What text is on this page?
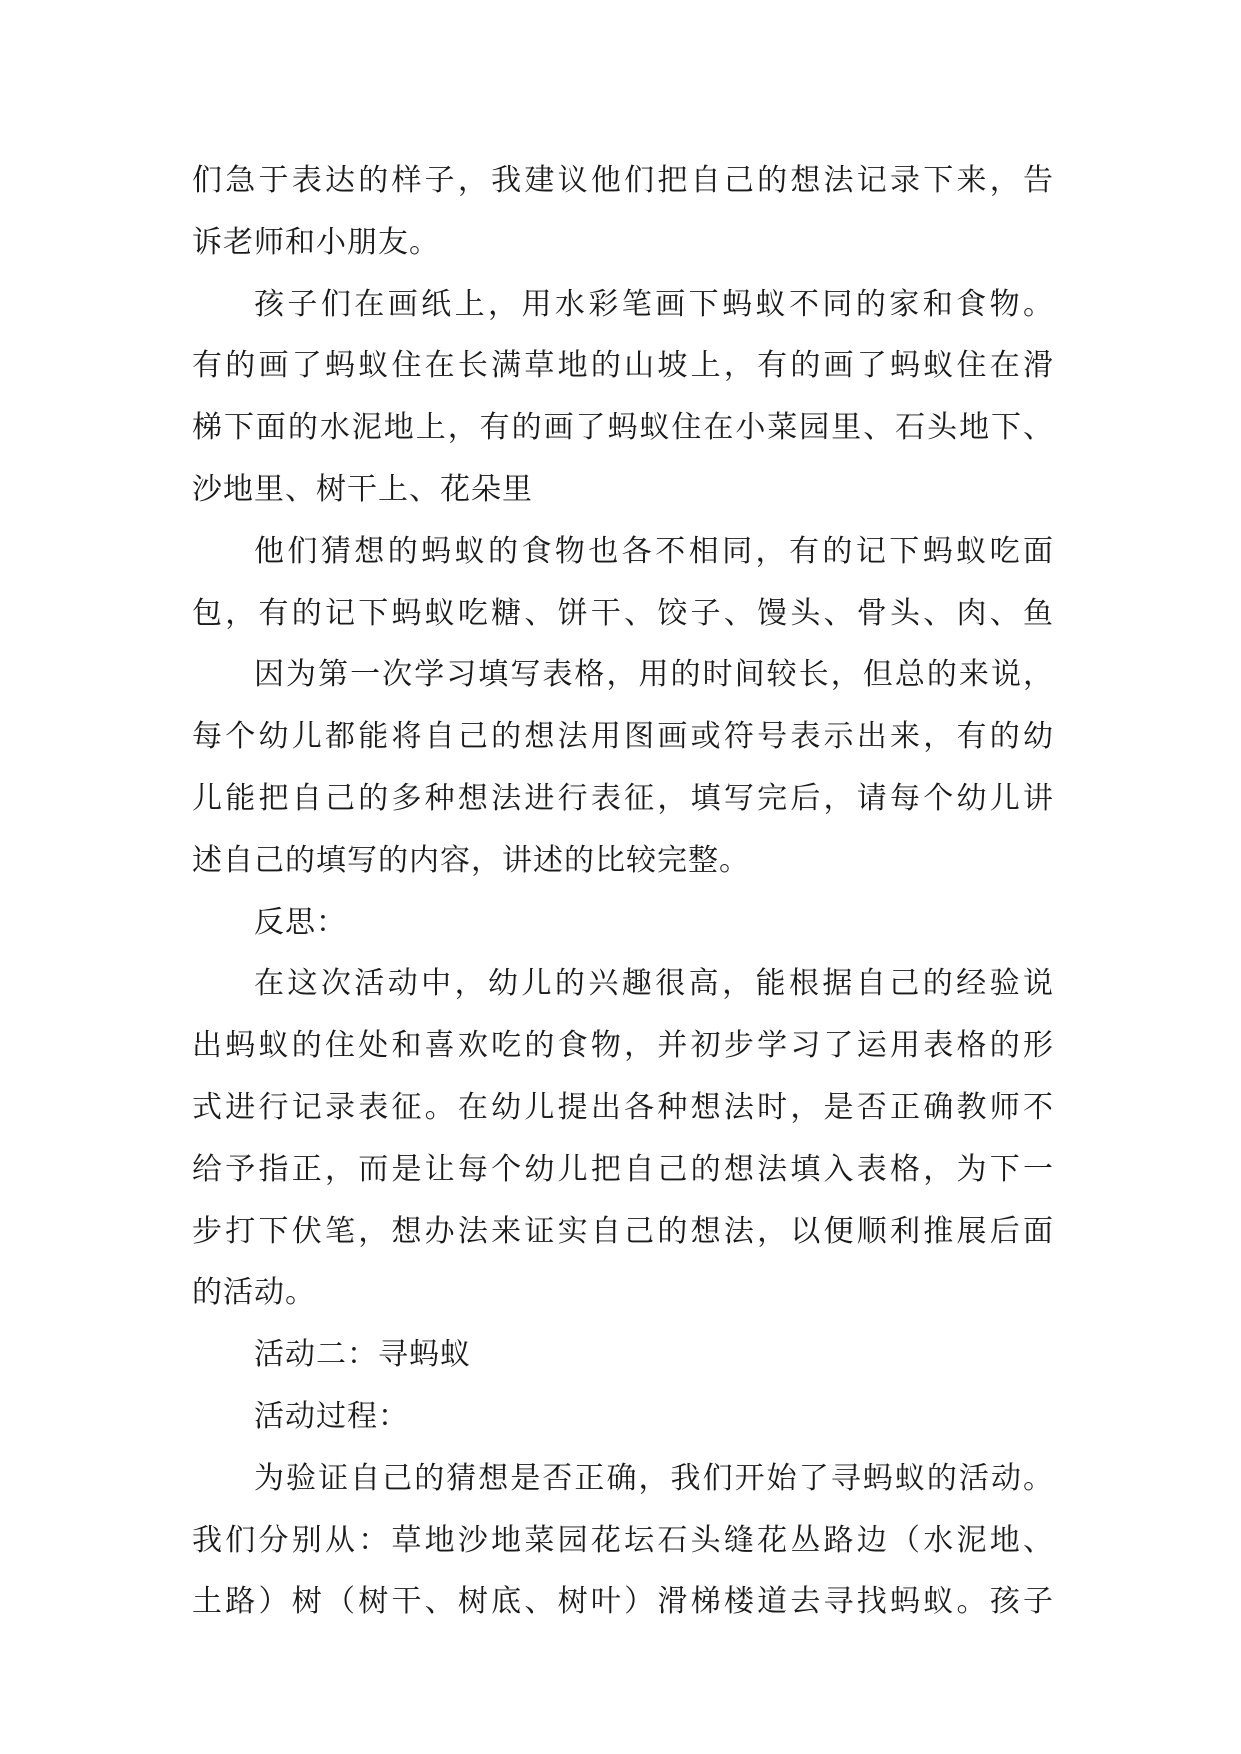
们急于表达的样子，我建议他们把自己的想法记录下来，告
诉老师和小朋友。
孩子们在画纸上，用水彩笔画下蚂蚁不同的家和食物。
有的画了蚂蚁住在长满草地的山坡上，有的画了蚂蚁住在滑
梯下面的水泥地上，有的画了蚂蚁住在小菜园里、石头地下、
沙地里、树干上、花朵里
他们猜想的蚂蚁的食物也各不相同，有的记下蚂蚁吃面
包，有的记下蚂蚁吃糖、饼干、饺子、馒头、骨头、肉、鱼
因为第一次学习填写表格，用的时间较长，但总的来说，
每个幼儿都能将自己的想法用图画或符号表示出来，有的幼
儿能把自己的多种想法进行表征，填写完后，请每个幼儿讲
述自己的填写的内容，讲述的比较完整。
反思：
在这次活动中，幼儿的兴趣很高，能根据自己的经验说
出蚂蚁的住处和喜欢吃的食物，并初步学习了运用表格的形
式进行记录表征。在幼儿提出各种想法时，是否正确教师不
给予指正，而是让每个幼儿把自己的想法填入表格，为下一
步打下伏笔，想办法来证实自己的想法，以便顺利推展后面
的活动。
活动二：寻蚂蚁
活动过程：
为验证自己的猜想是否正确，我们开始了寻蚂蚁的活动。
我们分别从：草地沙地菜园花坛石头缝花丛路边（水泥地、
土路）树（树干、树底、树叶）滑梯楼道去寻找蚂蚁。孩子
